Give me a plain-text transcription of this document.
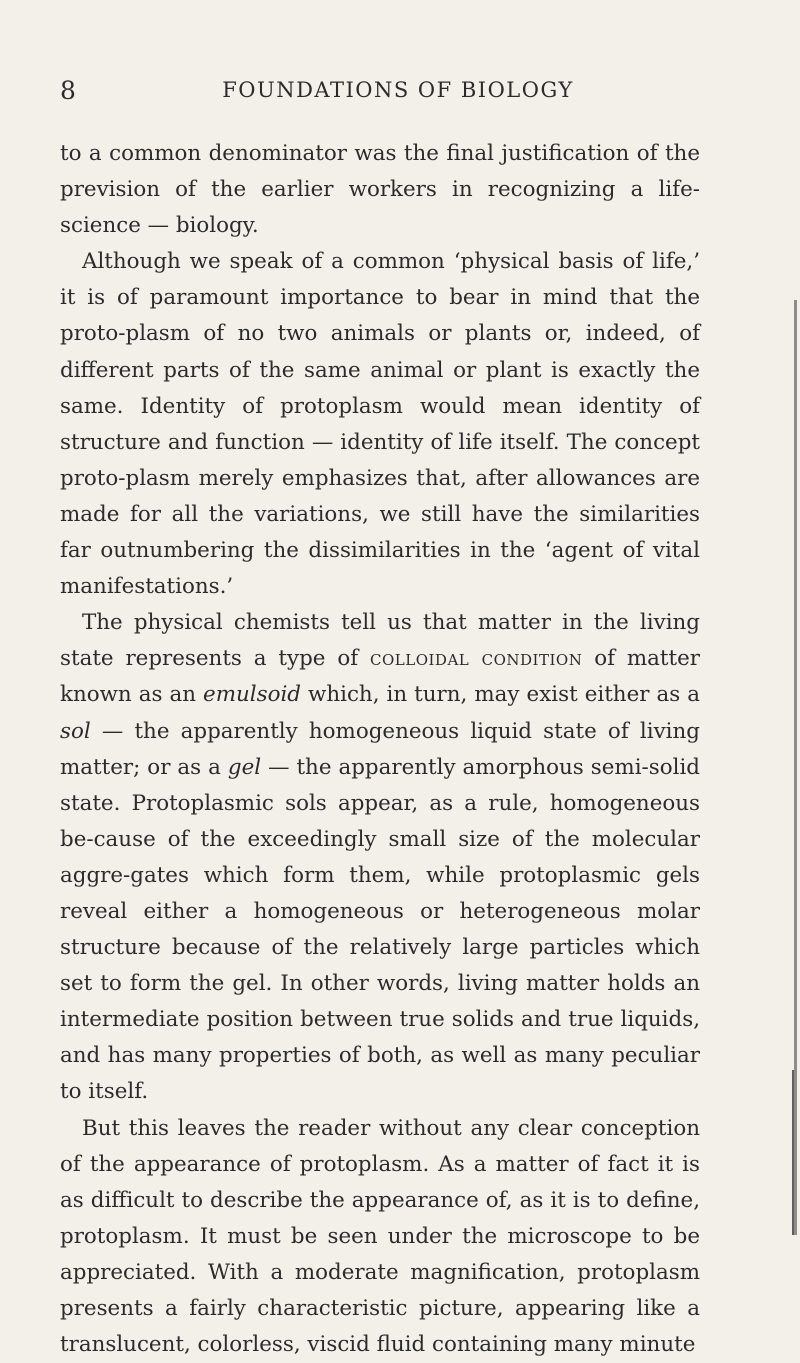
8	FOUNDATIONS OF BIOLOGY

to a common denominator was the final justification of the prevision of the earlier workers in recognizing a life-science — biology.

Although we speak of a common ‘physical basis of life,’ it is of paramount importance to bear in mind that the proto-plasm of no two animals or plants or, indeed, of different parts of the same animal or plant is exactly the same. Identity of protoplasm would mean identity of structure and function — identity of life itself. The concept proto-plasm merely emphasizes that, after allowances are made for all the variations, we still have the similarities far outnumbering the dissimilarities in the ‘agent of vital manifestations.’

The physical chemists tell us that matter in the living state represents a type of colloidal condition of matter known as an emulsoid which, in turn, may exist either as a sol — the apparently homogeneous liquid state of living matter; or as a gel — the apparently amorphous semi-solid state. Protoplasmic sols appear, as a rule, homogeneous be-cause of the exceedingly small size of the molecular aggre-gates which form them, while protoplasmic gels reveal either a homogeneous or heterogeneous molar structure because of the relatively large particles which set to form the gel. In other words, living matter holds an intermediate position between true solids and true liquids, and has many properties of both, as well as many peculiar to itself.

But this leaves the reader without any clear conception of the appearance of protoplasm. As a matter of fact it is as difficult to describe the appearance of, as it is to define, protoplasm. It must be seen under the microscope to be appreciated. With a moderate magnification, protoplasm presents a fairly characteristic picture, appearing like a translucent, colorless, viscid fluid containing many minute
